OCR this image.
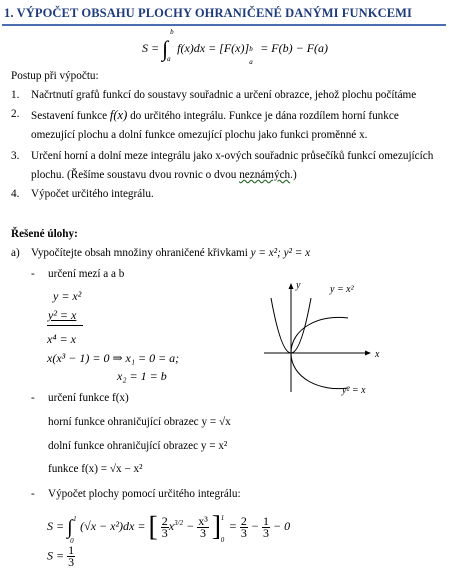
1. VÝPOČET OBSAHU PLOCHY OHRANIČENÉ DANÝMI FUNKCEMI
S = ∫
b
a
f(x)dx = [F(x)] b
a
= F(b) − F(a)
Postup při výpočtu:
1. Načrtnutí grafů funkcí do soustavy souřadnic a určení obrazce, jehož plochu počítáme
2. Sestavení funkce f(x) do určitého integrálu. Funkce je dána rozdílem horní funkce
omezující plochu a dolní funkce omezující plochu jako funkci proměnné x.
3. Určení horní a dolní meze integrálu jako x-ových souřadnic průsečíků funkcí omezujících
plochu. (Řešíme soustavu dvou rovnic o dvou neznámých.)
4. Výpočet určitého integrálu.
Řešené úlohy:
a) Vypočítejte obsah množiny ohraničené křivkami y = x²; y² = x
- určení mezí a a b
y = x²
y² = x
x⁴ = x
x(x³ − 1) = 0 ⇒ x₁ = 0 = a;
x₂ = 1 = b
- určení funkce f(x)
horní funkce ohraničující obrazec y = √x
dolní funkce ohraničující obrazec y = x²
funkce f(x) = √x − x²
- Výpočet plochy pomocí určitého integrálu:
S = ∫ 1
0
(√x − x²)dx = [ $\frac{2}{3} x^{3/2} - \frac{\text{x³}}{3}$ ] 1
0
= $\frac{2}{3} - \frac{1}{3} - 0$
$S = \frac{1}{3}$
y
x
y = x²
y² = x
